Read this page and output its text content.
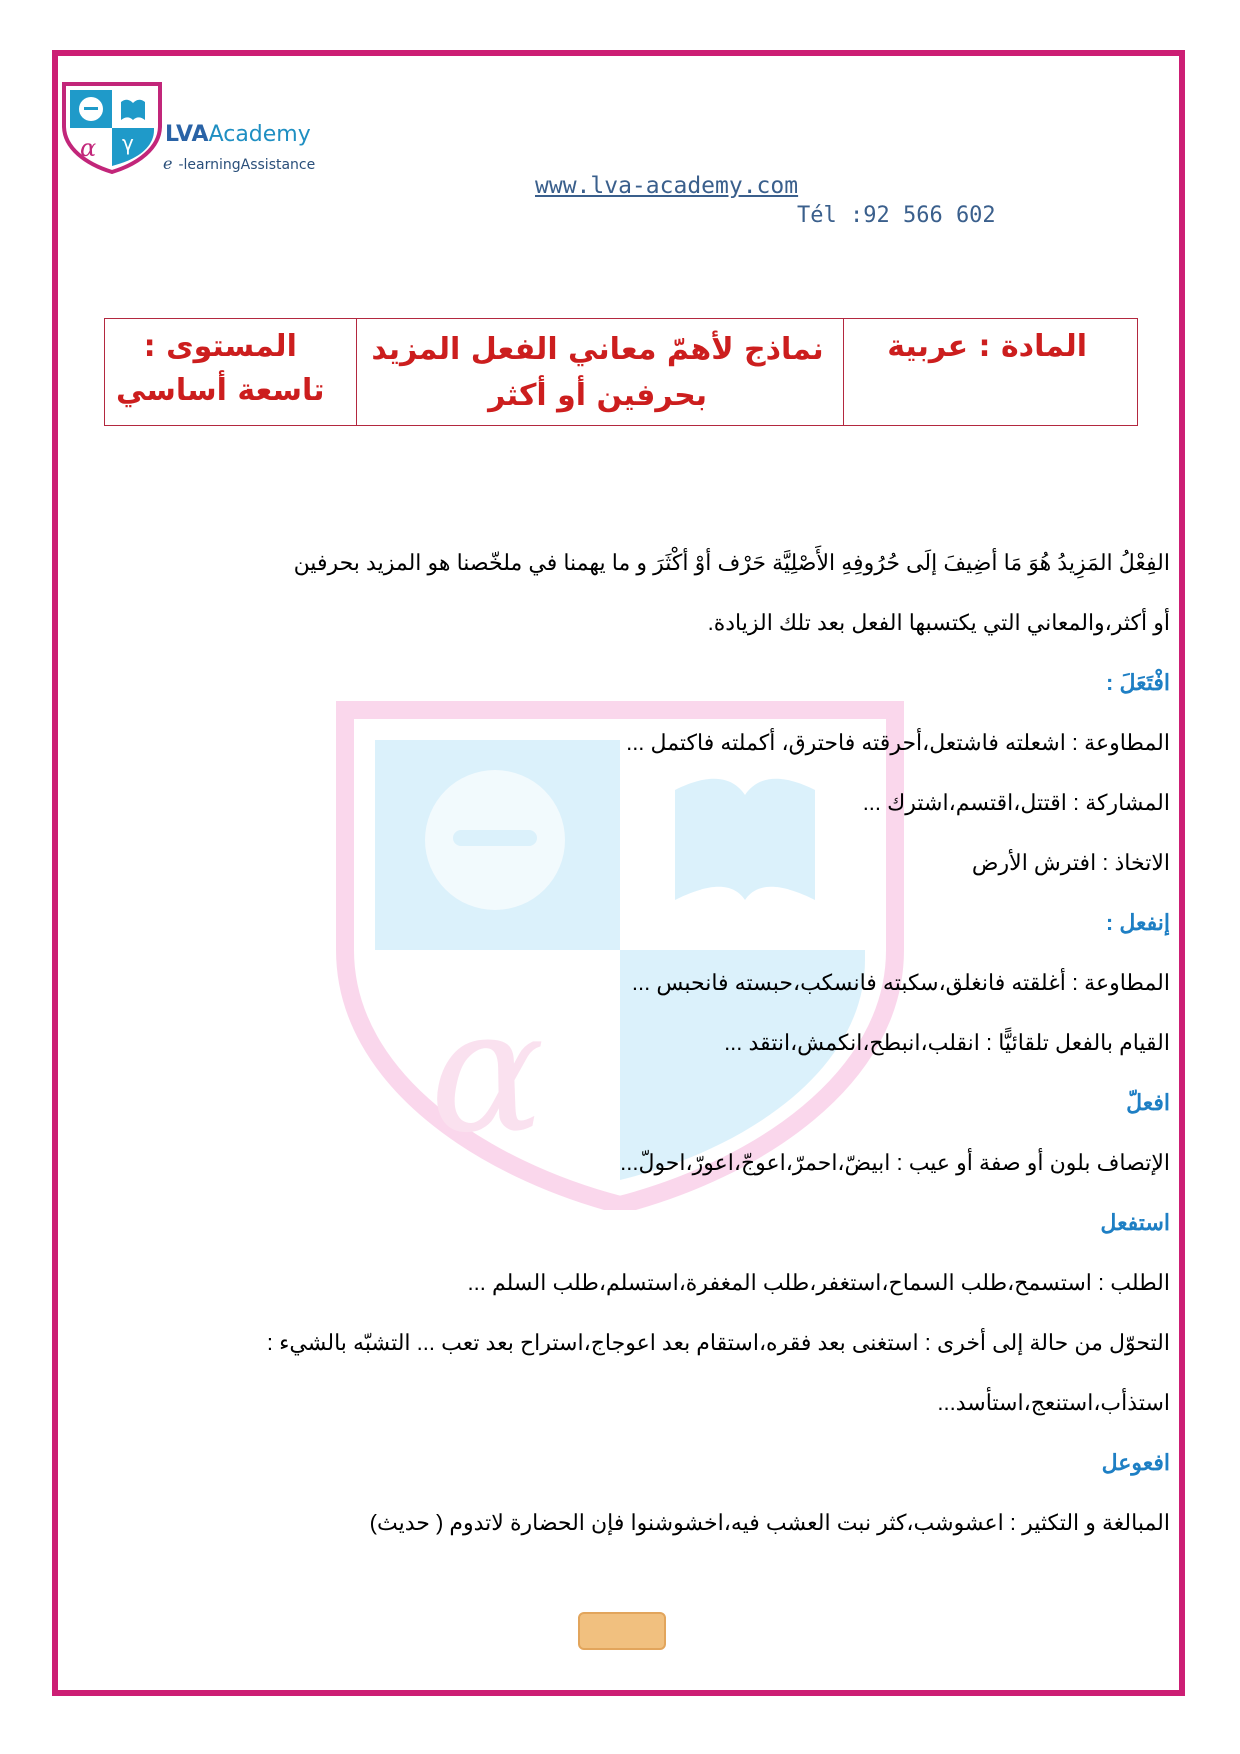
α γ LVAAcademy
e -learningAssistance
www.lva-academy.com
Tél :92 566 602
المستوى :
تاسعة أساسي
نماذج لأهمّ معاني الفعل المزيد
بحرفين أو أكثر
المادة : عربية
α
الفِعْلُ المَزِيدُ هُوَ مَا أضِيفَ إلَى حُرُوفِهِ الأَصْلِيَّة حَرْف أوْ أكْثَرَ و ما يهمنا في ملخّصنا هو المزيد بحرفين
أو أكثر،والمعاني التي يكتسبها الفعل بعد تلك الزيادة.
افْتَعَلَ :
المطاوعة : اشعلته فاشتعل،أحرقته فاحترق، أكملته فاكتمل ...
المشاركة : اقتتل،اقتسم،اشترك ...
الاتخاذ : افترش الأرض
إنفعل :
المطاوعة : أغلقته فانغلق،سكبته فانسكب،حبسته فانحبس ...
القيام بالفعل تلقائيًّا : انقلب،انبطح،انكمش،انتقد ...
افعلّ
الإتصاف بلون أو صفة أو عيب : ابيضّ،احمرّ،اعوجّ،اعورّ،احولّ...
استفعل
الطلب : استسمح،طلب السماح،استغفر،طلب المغفرة،استسلم،طلب السلم ...
التحوّل من حالة إلى أخرى : استغنى بعد فقره،استقام بعد اعوجاج،استراح بعد تعب ... التشبّه بالشيء :
استذأب،استنعج،استأسد...
افعوعل
المبالغة و التكثير : اعشوشب،كثر نبت العشب فيه،اخشوشنوا فإن الحضارة لاتدوم ( حديث)
